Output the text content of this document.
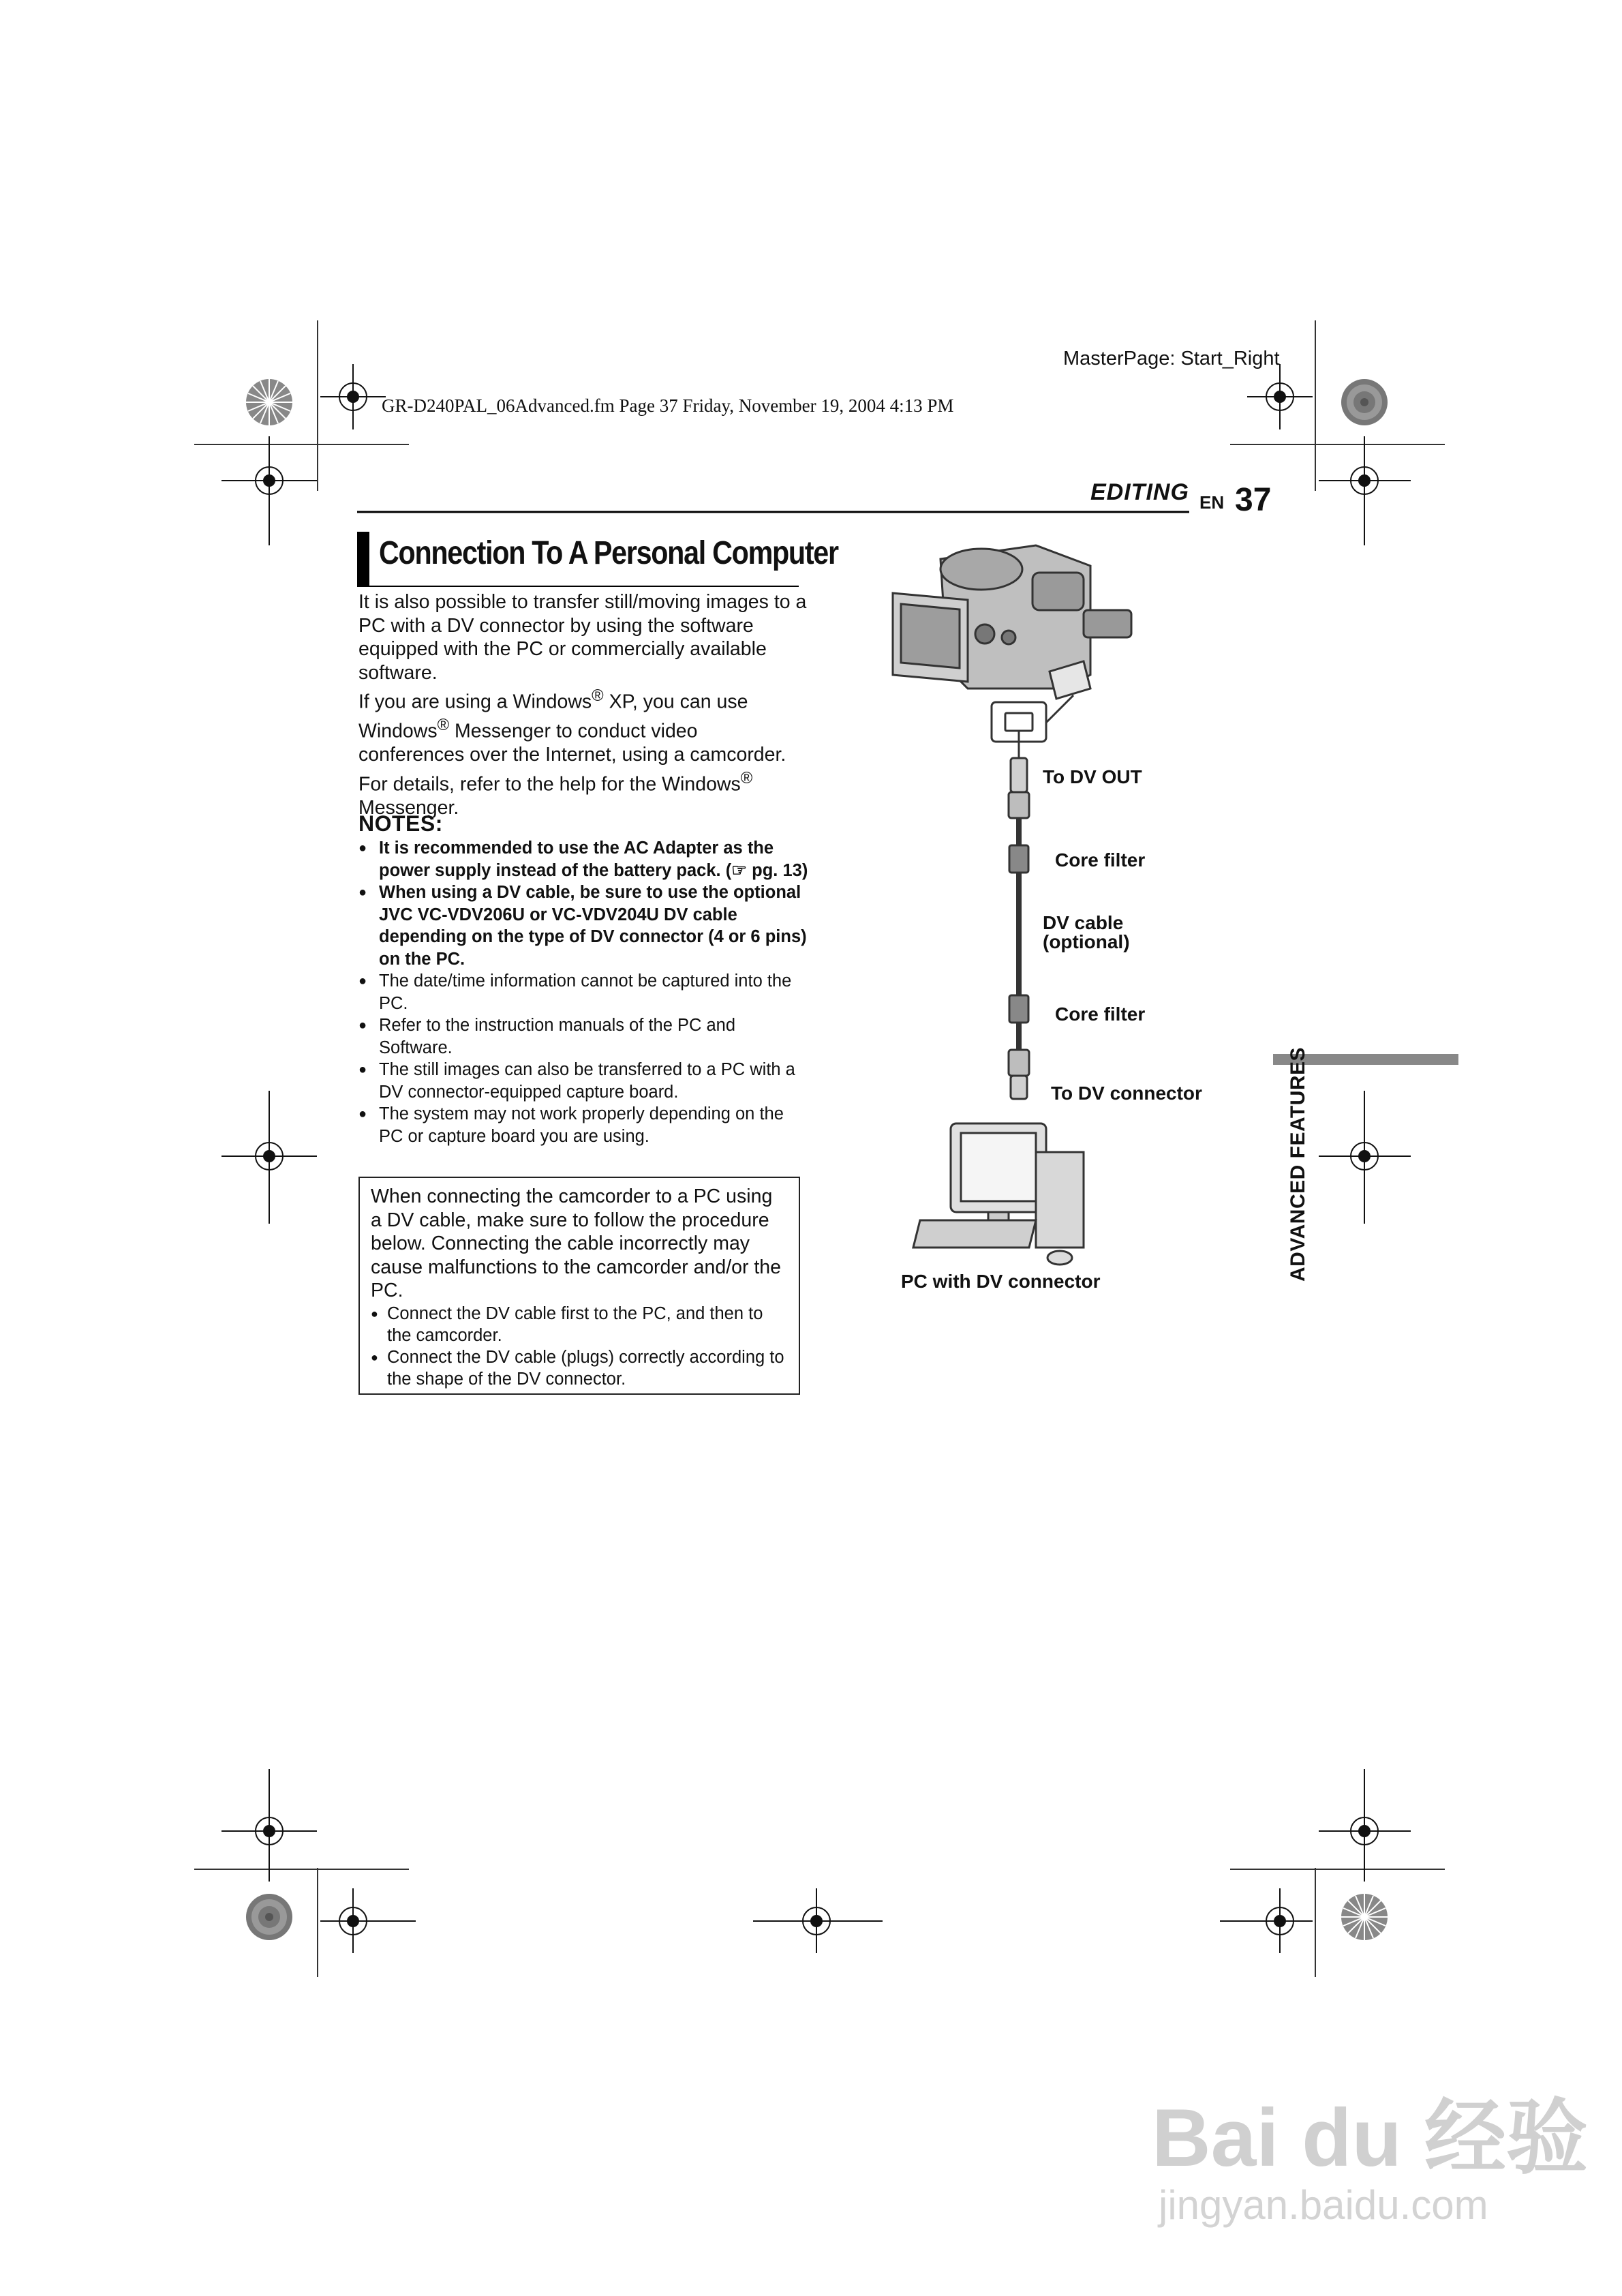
MasterPage: Start_Right
GR-D240PAL_06Advanced.fm Page 37 Friday, November 19, 2004 4:13 PM
EDITING EN 37
Connection To A Personal Computer

It is also possible to transfer still/moving images to a PC with a DV connector by using the software equipped with the PC or commercially available software.

If you are using a Windows® XP, you can use Windows® Messenger to conduct video conferences over the Internet, using a camcorder. For details, refer to the help for the Windows® Messenger.

NOTES:
● It is recommended to use the AC Adapter as the power supply instead of the battery pack. (☞ pg. 13)
● When using a DV cable, be sure to use the optional JVC VC-VDV206U or VC-VDV204U DV cable depending on the type of DV connector (4 or 6 pins) on the PC.
● The date/time information cannot be captured into the PC.
● Refer to the instruction manuals of the PC and Software.
● The still images can also be transferred to a PC with a DV connector-equipped capture board.
● The system may not work properly depending on the PC or capture board you are using.

When connecting the camcorder to a PC using a DV cable, make sure to follow the procedure below. Connecting the cable incorrectly may cause malfunctions to the camcorder and/or the PC.

● Connect the DV cable first to the PC, and then to the camcorder.
● Connect the DV cable (plugs) correctly according to the shape of the DV connector.
To DV OUT
Core filter
DV cable
(optional)
Core filter
To DV connector
PC with DV connector	ADVANCED FEATURES
Bai du 经验
jingyan.baidu.com
